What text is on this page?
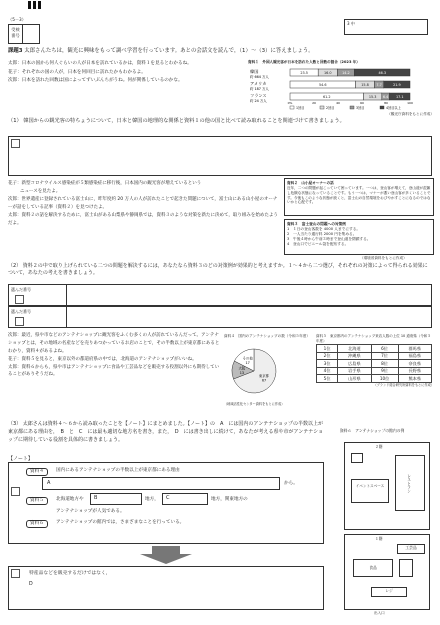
（5－3）
受検
番号
3 中
課題3 太郎さんたちは，観光に興味をもって調べ学習を行っています。あとの会話文を読んで，（1）～（3）に答えましょう。
太郎：日本の国から何人ぐらいの人が日本を訪れているかは，資料１を見るとわかるね。
花子：それぞれの国の人が，日本を何回目に訪れたかもわかるよ。
次郎：日本を訪れた回数は国によってずいぶんちがうね。何が関係しているのかな。
資料１　外国人観光客が日本を訪れた人数と回数の割合（2023 年）
韓国
約 664 万人
23.5	16.0	14.2	46.3
アメリカ
約 187 万人
54.6	15.8 7.7	21.9
フランス
約 24 万人
61.2	15.3 6.4 17.1
0%	20	40	60	80	100
1回目	2回目	3回目	4回目以上
（観光庁資料をもとに作成）
（1） 韓国からの観光客の特ちょうについて，日本と韓国の地理的な関係と資料１の他の国と比べて読み取れることを関連づけて書きましょう。
花子：新型コロナウイルス感染症が５類感染症に移行後，日本国内の観光客が増えているという
ニュースを見たよ。
次郎：世界遺産に登録されている富士山に，昨年度約 20 万人の人が訪れたことで起きた問題について，富士山にある山小屋のオーナーが話をしている記事（資料２）を見つけたよ。
太郎：資料２の話を解決するために，富士山がある山梨県や静岡県では，資料３のような対策を新たに決めて，取り組みを始めたようだよ。
資料２　山小屋オーナーの話
近年，二つの問題が起こっていて困っています。一つは，登山客が増えて，登山道が混雑し危険な状態になっていることです。もう一つは，マナーが悪い登山客が多くいることです。今後もこのような状態が続くと，富士山の自然環境をおびやかすことになるのではないかと心配です。
資料３　富士登山の問題への対策例
1　１日の登山客数を 4000 人までにする。
2　一人当たり通行料 2000 円を集める。
3　午後４時から午前３時まで登山道を閉鎖する。
4　登山口でビニール袋を配布する。
（環境省資料をもとに作成）
（2） 資料２の中で取り上げられている二つの問題を解決するには，あなたなら資料３のどの対策例が効果的と考えますか。１～４から二つ選び，それぞれの対策によって得られる効果について，あなたの考えを書きましょう。
選んだ番号
選んだ番号
次郎：最近，県や市などのアンテナショップに観光客をふくむ多くの人が訪れているんだって。アンテナショップとは，その地域の名産などを売りあつかっているお店のことで，その半数以上が東京都にあるとわかり，資料４があるよね。
花子：資料５を見ると，東京以外の都道府県の中では，北海道のアンテナショップがいいね。
太郎：資料６からも，県や市はアンテナショップに食品や工芸品などを販売する役割以外にも期待していることがありそうだね。
資料４　国内のアンテナショップの数（令和５年度）
東京都
67
大阪
13
その他
17
（地域活性化センター資料をもとに作成）
資料５　東京都内のアンテナショップ来店人数の上位 10 道府県（令和５年度）
1位	北海道	6位	群馬県
2位	沖縄県	7位	福島県
3位	広島県	8位	奈良県
4位	岩手県	9位	長野県
5位	山形県	10位	熊本県
（ブランド総合研究所資料をもとに作成）
（3） 太郎さんは資料４～６から読み取ったことを【ノート】にまとめました。【ノート】の　A　には国内のアンテナショップの半数以上が東京都にある理由を，　B　と　C　には最も適切な地方名を書き，また，　D　には書き出しに続けて，あなたが考える県や市がアンテナショップに期待している役割を具体的に書きましょう。
【ノート】
資料４	国内にあるアンテナショップの半数以上が東京都にある理由
A	から。
資料５	北海道地方や	B	地方，	C	地方，関東地方の
アンテナショップが人気である。
資料６	アンテナショップの館内では，さまざまなことを行っている。
特産品などを販売するだけではなく，
D
資料６　アンテナショップの館内の例
２階
レストラン
イベントスペース
１階
工芸品
食品
レジ
出入口
